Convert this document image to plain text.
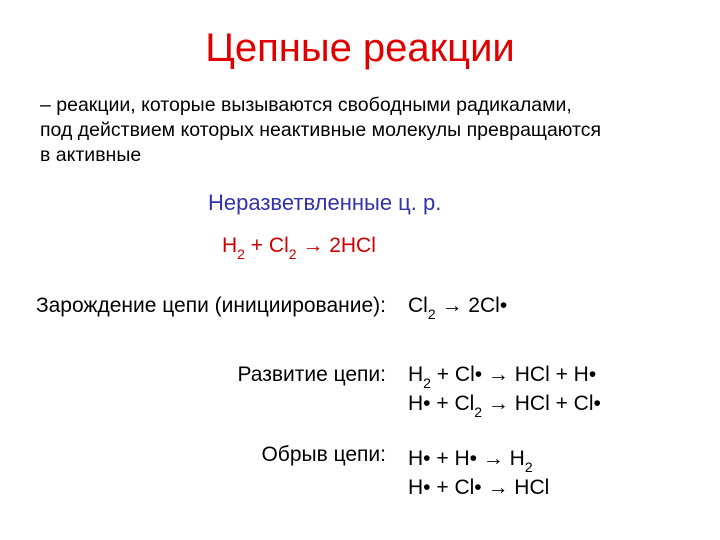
Цепные реакции
– реакции, которые вызываются свободными радикалами,
под действием которых неактивные молекулы превращаются
в активные
Неразветвленные ц. р.
$H_2 + Cl_2 \to 2HCl$
Зарождение цепи (инициирование): $Cl_2$ → 2Cl•
Развитие цепи: $H_2$ + Cl• → HCl + H•
H• + $Cl_2$ → HCl + Cl•
Обрыв цепи: H• + H• → $H_2$
H• + Cl• → HCl
